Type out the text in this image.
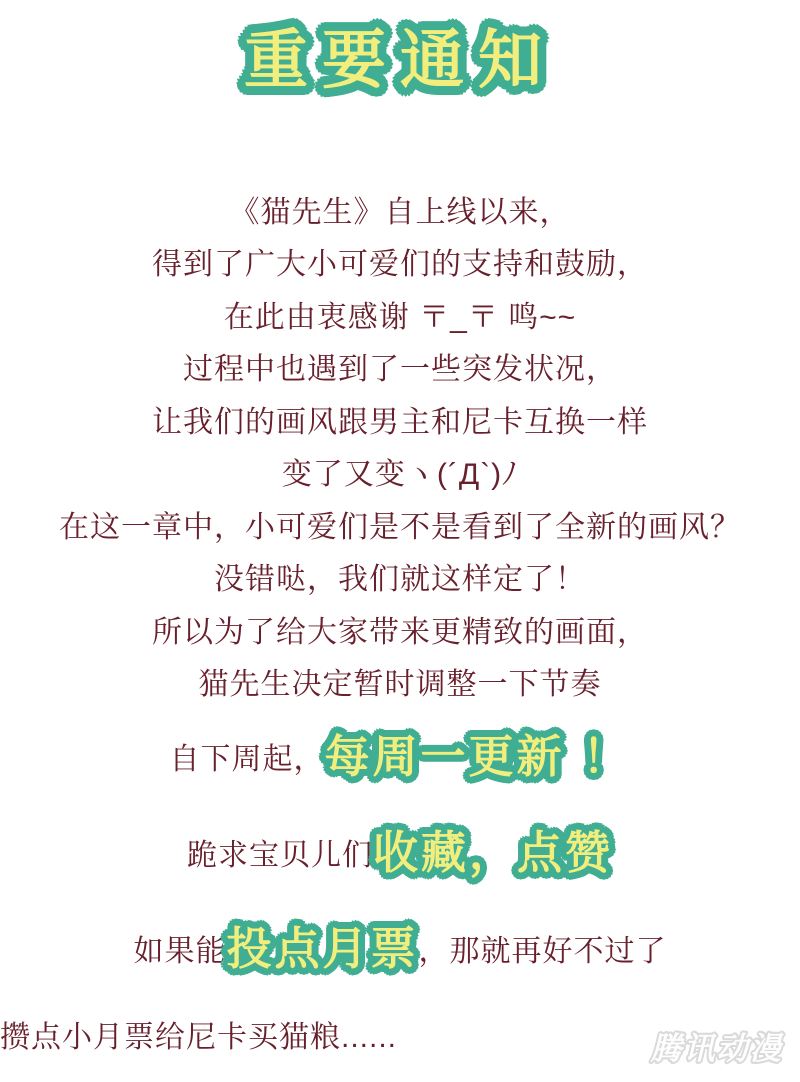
重要通知
《猫先生》自上线以来，
得到了广大小可爱们的支持和鼓励，
在此由衷感谢 〒_〒 鸣~~
过程中也遇到了一些突发状况，
让我们的画风跟男主和尼卡互换一样
变了又变ヽ(´Д`)ﾉ
在这一章中，小可爱们是不是看到了全新的画风？
没错哒，我们就这样定了！
所以为了给大家带来更精致的画面，
猫先生决定暂时调整一下节奏
自下周起，每周一更新 ！
跪求宝贝儿们收藏，点赞
如果能投点月票，那就再好不过了
攒点小月票给尼卡买猫粮......	腾讯动漫
